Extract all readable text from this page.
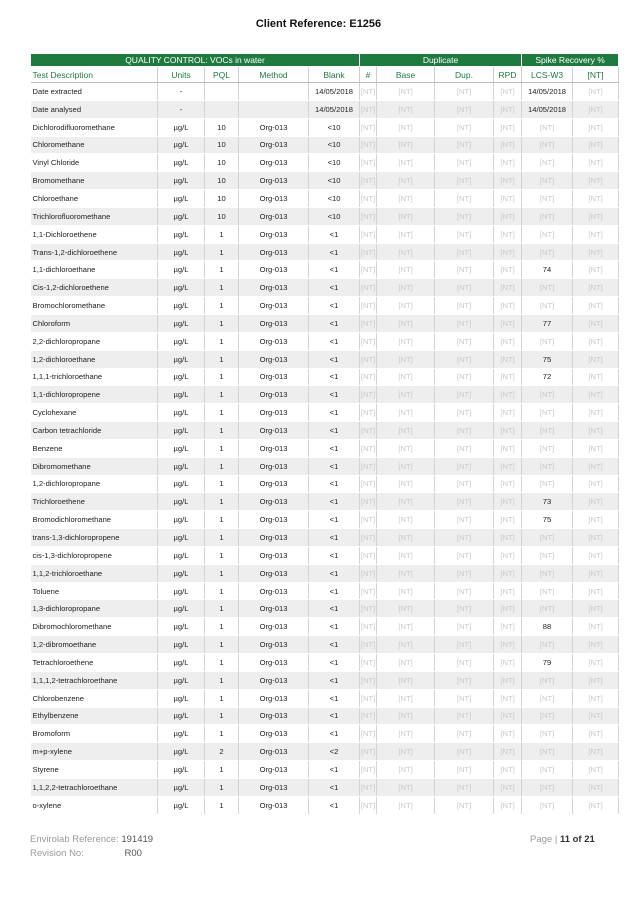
Client Reference: E1256
QUALITY CONTROL: VOCs in water					Duplicate				Spike Recovery %	
Test Description	Units	PQL	Method	Blank	#	Base	Dup.	RPD	LCS-W3	[NT]
Date extracted	-			14/05/2018	[NT]	[NT]	[NT]	[NT]	14/05/2018	[NT]
Date analysed	-			14/05/2018	[NT]	[NT]	[NT]	[NT]	14/05/2018	[NT]
Dichlorodifluoromethane	µg/L	10	Org-013	<10	[NT]	[NT]	[NT]	[NT]	[NT]	[NT]
Chloromethane	µg/L	10	Org-013	<10	[NT]	[NT]	[NT]	[NT]	[NT]	[NT]
Vinyl Chloride	µg/L	10	Org-013	<10	[NT]	[NT]	[NT]	[NT]	[NT]	[NT]
Bromomethane	µg/L	10	Org-013	<10	[NT]	[NT]	[NT]	[NT]	[NT]	[NT]
Chloroethane	µg/L	10	Org-013	<10	[NT]	[NT]	[NT]	[NT]	[NT]	[NT]
Trichlorofluoromethane	µg/L	10	Org-013	<10	[NT]	[NT]	[NT]	[NT]	[NT]	[NT]
1,1-Dichloroethene	µg/L	1	Org-013	<1	[NT]	[NT]	[NT]	[NT]	[NT]	[NT]
Trans-1,2-dichloroethene	µg/L	1	Org-013	<1	[NT]	[NT]	[NT]	[NT]	[NT]	[NT]
1,1-dichloroethane	µg/L	1	Org-013	<1	[NT]	[NT]	[NT]	[NT]	74	[NT]
Cis-1,2-dichloroethene	µg/L	1	Org-013	<1	[NT]	[NT]	[NT]	[NT]	[NT]	[NT]
Bromochloromethane	µg/L	1	Org-013	<1	[NT]	[NT]	[NT]	[NT]	[NT]	[NT]
Chloroform	µg/L	1	Org-013	<1	[NT]	[NT]	[NT]	[NT]	77	[NT]
2,2-dichloropropane	µg/L	1	Org-013	<1	[NT]	[NT]	[NT]	[NT]	[NT]	[NT]
1,2-dichloroethane	µg/L	1	Org-013	<1	[NT]	[NT]	[NT]	[NT]	75	[NT]
1,1,1-trichloroethane	µg/L	1	Org-013	<1	[NT]	[NT]	[NT]	[NT]	72	[NT]
1,1-dichloropropene	µg/L	1	Org-013	<1	[NT]	[NT]	[NT]	[NT]	[NT]	[NT]
Cyclohexane	µg/L	1	Org-013	<1	[NT]	[NT]	[NT]	[NT]	[NT]	[NT]
Carbon tetrachloride	µg/L	1	Org-013	<1	[NT]	[NT]	[NT]	[NT]	[NT]	[NT]
Benzene	µg/L	1	Org-013	<1	[NT]	[NT]	[NT]	[NT]	[NT]	[NT]
Dibromomethane	µg/L	1	Org-013	<1	[NT]	[NT]	[NT]	[NT]	[NT]	[NT]
1,2-dichloropropane	µg/L	1	Org-013	<1	[NT]	[NT]	[NT]	[NT]	[NT]	[NT]
Trichloroethene	µg/L	1	Org-013	<1	[NT]	[NT]	[NT]	[NT]	73	[NT]
Bromodichloromethane	µg/L	1	Org-013	<1	[NT]	[NT]	[NT]	[NT]	75	[NT]
trans-1,3-dichloropropene	µg/L	1	Org-013	<1	[NT]	[NT]	[NT]	[NT]	[NT]	[NT]
cis-1,3-dichloropropene	µg/L	1	Org-013	<1	[NT]	[NT]	[NT]	[NT]	[NT]	[NT]
1,1,2-trichloroethane	µg/L	1	Org-013	<1	[NT]	[NT]	[NT]	[NT]	[NT]	[NT]
Toluene	µg/L	1	Org-013	<1	[NT]	[NT]	[NT]	[NT]	[NT]	[NT]
1,3-dichloropropane	µg/L	1	Org-013	<1	[NT]	[NT]	[NT]	[NT]	[NT]	[NT]
Dibromochloromethane	µg/L	1	Org-013	<1	[NT]	[NT]	[NT]	[NT]	88	[NT]
1,2-dibromoethane	µg/L	1	Org-013	<1	[NT]	[NT]	[NT]	[NT]	[NT]	[NT]
Tetrachloroethene	µg/L	1	Org-013	<1	[NT]	[NT]	[NT]	[NT]	79	[NT]
1,1,1,2-tetrachloroethane	µg/L	1	Org-013	<1	[NT]	[NT]	[NT]	[NT]	[NT]	[NT]
Chlorobenzene	µg/L	1	Org-013	<1	[NT]	[NT]	[NT]	[NT]	[NT]	[NT]
Ethylbenzene	µg/L	1	Org-013	<1	[NT]	[NT]	[NT]	[NT]	[NT]	[NT]
Bromoform	µg/L	1	Org-013	<1	[NT]	[NT]	[NT]	[NT]	[NT]	[NT]
m+p-xylene	µg/L	2	Org-013	<2	[NT]	[NT]	[NT]	[NT]	[NT]	[NT]
Styrene	µg/L	1	Org-013	<1	[NT]	[NT]	[NT]	[NT]	[NT]	[NT]
1,1,2,2-tetrachloroethane	µg/L	1	Org-013	<1	[NT]	[NT]	[NT]	[NT]	[NT]	[NT]
o-xylene	µg/L	1	Org-013	<1	[NT]	[NT]	[NT]	[NT]	[NT]	[NT]
Envirolab Reference: 191419
Revision No:	R00
Page | 11 of 21
